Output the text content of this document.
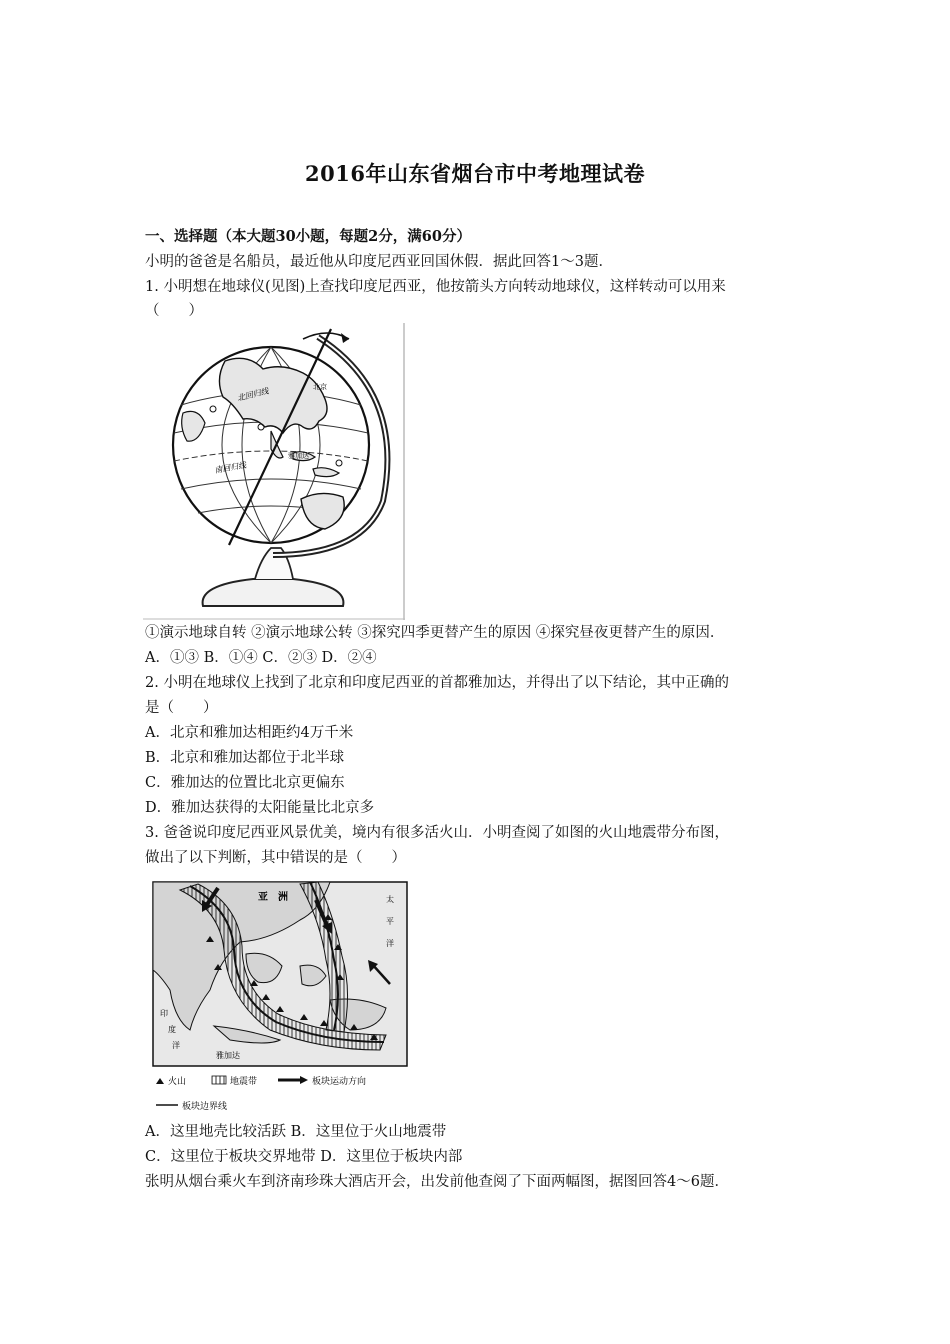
2016年山东省烟台市中考地理试卷
一、选择题（本大题30小题，每题2分，满60分）
小明的爸爸是名船员，最近他从印度尼西亚回国休假．据此回答1～3题．
1. 小明想在地球仪(见图)上查找印度尼西亚，他按箭头方向转动地球仪，这样转动可以用来
（　　）
北回归线
南回归线
北京
雅加达
①演示地球自转 ②演示地球公转 ③探究四季更替产生的原因 ④探究昼夜更替产生的原因．
A．①③ B．①④ C．②③ D．②④
2. 小明在地球仪上找到了北京和印度尼西亚的首都雅加达，并得出了以下结论，其中正确的
是（　　）
A．北京和雅加达相距约4万千米
B．北京和雅加达都位于北半球
C．雅加达的位置比北京更偏东
D．雅加达获得的太阳能量比北京多
3. 爸爸说印度尼西亚风景优美，境内有很多活火山．小明查阅了如图的火山地震带分布图，
做出了以下判断，其中错误的是（　　）
亚　洲	太
平
洋
印
度
洋
雅加达
火山	地震带	板块运动方向
板块边界线
A．这里地壳比较活跃 B．这里位于火山地震带
C．这里位于板块交界地带 D．这里位于板块内部
张明从烟台乘火车到济南珍珠大酒店开会，出发前他查阅了下面两幅图，据图回答4～6题．
